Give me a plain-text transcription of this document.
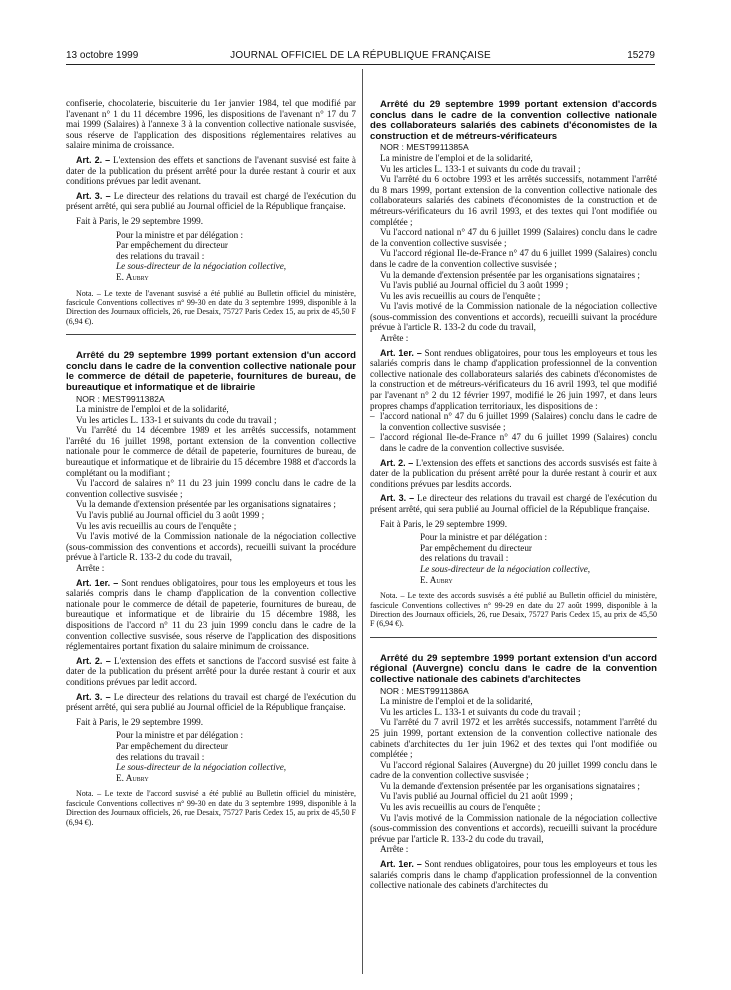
13 octobre 1999	JOURNAL OFFICIEL DE LA RÉPUBLIQUE FRANÇAISE	15279

confiserie, chocolaterie, biscuiterie du 1er janvier 1984, tel que modifié par l'avenant n° 1 du 11 décembre 1996, les dispositions de l'avenant n° 17 du 7 mai 1999 (Salaires) à l'annexe 3 à la convention collective nationale susvisée, sous réserve de l'application des dispositions réglementaires relatives au salaire minima de croissance.

Art. 2. – L'extension des effets et sanctions de l'avenant susvisé est faite à dater de la publication du présent arrêté pour la durée restant à courir et aux conditions prévues par ledit avenant.

Art. 3. – Le directeur des relations du travail est chargé de l'exécution du présent arrêté, qui sera publié au Journal officiel de la République française.

Fait à Paris, le 29 septembre 1999.

Pour la ministre et par délégation :

Par empêchement du directeur

des relations du travail :

Le sous-directeur de la négociation collective,

E. Aubry

Nota. – Le texte de l'avenant susvisé a été publié au Bulletin officiel du ministère, fascicule Conventions collectives n° 99-30 en date du 3 septembre 1999, disponible à la Direction des Journaux officiels, 26, rue Desaix, 75727 Paris Cedex 15, au prix de 45,50 F (6,94 €).

Arrêté du 29 septembre 1999 portant extension d'un accord conclu dans le cadre de la convention collective nationale pour le commerce de détail de papeterie, fournitures de bureau, de bureautique et informatique et de librairie

NOR : MEST9911382A

La ministre de l'emploi et de la solidarité,

Vu les articles L. 133-1 et suivants du code du travail ;

Vu l'arrêté du 14 décembre 1989 et les arrêtés successifs, notamment l'arrêté du 16 juillet 1998, portant extension de la convention collective nationale pour le commerce de détail de papeterie, fournitures de bureau, de bureautique et informatique et de librairie du 15 décembre 1988 et d'accords la complétant ou la modifiant ;

Vu l'accord de salaires n° 11 du 23 juin 1999 conclu dans le cadre de la convention collective susvisée ;

Vu la demande d'extension présentée par les organisations signataires ;

Vu l'avis publié au Journal officiel du 3 août 1999 ;

Vu les avis recueillis au cours de l'enquête ;

Vu l'avis motivé de la Commission nationale de la négociation collective (sous-commission des conventions et accords), recueilli suivant la procédure prévue à l'article R. 133-2 du code du travail,

Arrête :

Art. 1er. – Sont rendues obligatoires, pour tous les employeurs et tous les salariés compris dans le champ d'application de la convention collective nationale pour le commerce de détail de papeterie, fournitures de bureau, de bureautique et informatique et de librairie du 15 décembre 1988, les dispositions de l'accord n° 11 du 23 juin 1999 conclu dans le cadre de la convention collective susvisée, sous réserve de l'application des dispositions réglementaires portant fixation du salaire minimum de croissance.

Art. 2. – L'extension des effets et sanctions de l'accord susvisé est faite à dater de la publication du présent arrêté pour la durée restant à courir et aux conditions prévues par ledit accord.

Art. 3. – Le directeur des relations du travail est chargé de l'exécution du présent arrêté, qui sera publié au Journal officiel de la République française.

Fait à Paris, le 29 septembre 1999.

Pour la ministre et par délégation :

Par empêchement du directeur

des relations du travail :

Le sous-directeur de la négociation collective,

E. Aubry

Nota. – Le texte de l'accord susvisé a été publié au Bulletin officiel du ministère, fascicule Conventions collectives n° 99-30 en date du 3 septembre 1999, disponible à la Direction des Journaux officiels, 26, rue Desaix, 75727 Paris Cedex 15, au prix de 45,50 F (6,94 €).

Arrêté du 29 septembre 1999 portant extension d'accords conclus dans le cadre de la convention collective nationale des collaborateurs salariés des cabinets d'économistes de la construction et de métreurs-vérificateurs

NOR : MEST9911385A

La ministre de l'emploi et de la solidarité,

Vu les articles L. 133-1 et suivants du code du travail ;

Vu l'arrêté du 6 octobre 1993 et les arrêtés successifs, notamment l'arrêté du 8 mars 1999, portant extension de la convention collective nationale des collaborateurs salariés des cabinets d'économistes de la construction et de métreurs-vérificateurs du 16 avril 1993, et des textes qui l'ont modifiée ou complétée ;

Vu l'accord national n° 47 du 6 juillet 1999 (Salaires) conclu dans le cadre de la convention collective susvisée ;

Vu l'accord régional Ile-de-France n° 47 du 6 juillet 1999 (Salaires) conclu dans le cadre de la convention collective susvisée ;

Vu la demande d'extension présentée par les organisations signataires ;

Vu l'avis publié au Journal officiel du 3 août 1999 ;

Vu les avis recueillis au cours de l'enquête ;

Vu l'avis motivé de la Commission nationale de la négociation collective (sous-commission des conventions et accords), recueilli suivant la procédure prévue à l'article R. 133-2 du code du travail,

Arrête :

Art. 1er. – Sont rendues obligatoires, pour tous les employeurs et tous les salariés compris dans le champ d'application professionnel de la convention collective nationale des collaborateurs salariés des cabinets d'économistes de la construction et de métreurs-vérificateurs du 16 avril 1993, tel que modifié par l'avenant n° 2 du 12 février 1997, modifié le 26 juin 1997, et dans leurs propres champs d'application territoriaux, les dispositions de :

– l'accord national n° 47 du 6 juillet 1999 (Salaires) conclu dans le cadre de la convention collective susvisée ;

– l'accord régional Ile-de-France n° 47 du 6 juillet 1999 (Salaires) conclu dans le cadre de la convention collective susvisée.

Art. 2. – L'extension des effets et sanctions des accords susvisés est faite à dater de la publication du présent arrêté pour la durée restant à courir et aux conditions prévues par lesdits accords.

Art. 3. – Le directeur des relations du travail est chargé de l'exécution du présent arrêté, qui sera publié au Journal officiel de la République française.

Fait à Paris, le 29 septembre 1999.

Pour la ministre et par délégation :

Par empêchement du directeur

des relations du travail :

Le sous-directeur de la négociation collective,

E. Aubry

Nota. – Le texte des accords susvisés a été publié au Bulletin officiel du ministère, fascicule Conventions collectives n° 99-29 en date du 27 août 1999, disponible à la Direction des Journaux officiels, 26, rue Desaix, 75727 Paris Cedex 15, au prix de 45,50 F (6,94 €).

Arrêté du 29 septembre 1999 portant extension d'un accord régional (Auvergne) conclu dans le cadre de la convention collective nationale des cabinets d'architectes

NOR : MEST9911386A

La ministre de l'emploi et de la solidarité,

Vu les articles L. 133-1 et suivants du code du travail ;

Vu l'arrêté du 7 avril 1972 et les arrêtés successifs, notamment l'arrêté du 25 juin 1999, portant extension de la convention collective nationale des cabinets d'architectes du 1er juin 1962 et des textes qui l'ont modifiée ou complétée ;

Vu l'accord régional Salaires (Auvergne) du 20 juillet 1999 conclu dans le cadre de la convention collective susvisée ;

Vu la demande d'extension présentée par les organisations signataires ;

Vu l'avis publié au Journal officiel du 21 août 1999 ;

Vu les avis recueillis au cours de l'enquête ;

Vu l'avis motivé de la Commission nationale de la négociation collective (sous-commission des conventions et accords), recueilli suivant la procédure prévue par l'article R. 133-2 du code du travail,

Arrête :

Art. 1er. – Sont rendues obligatoires, pour tous les employeurs et tous les salariés compris dans le champ d'application professionnel de la convention collective nationale des cabinets d'architectes du
